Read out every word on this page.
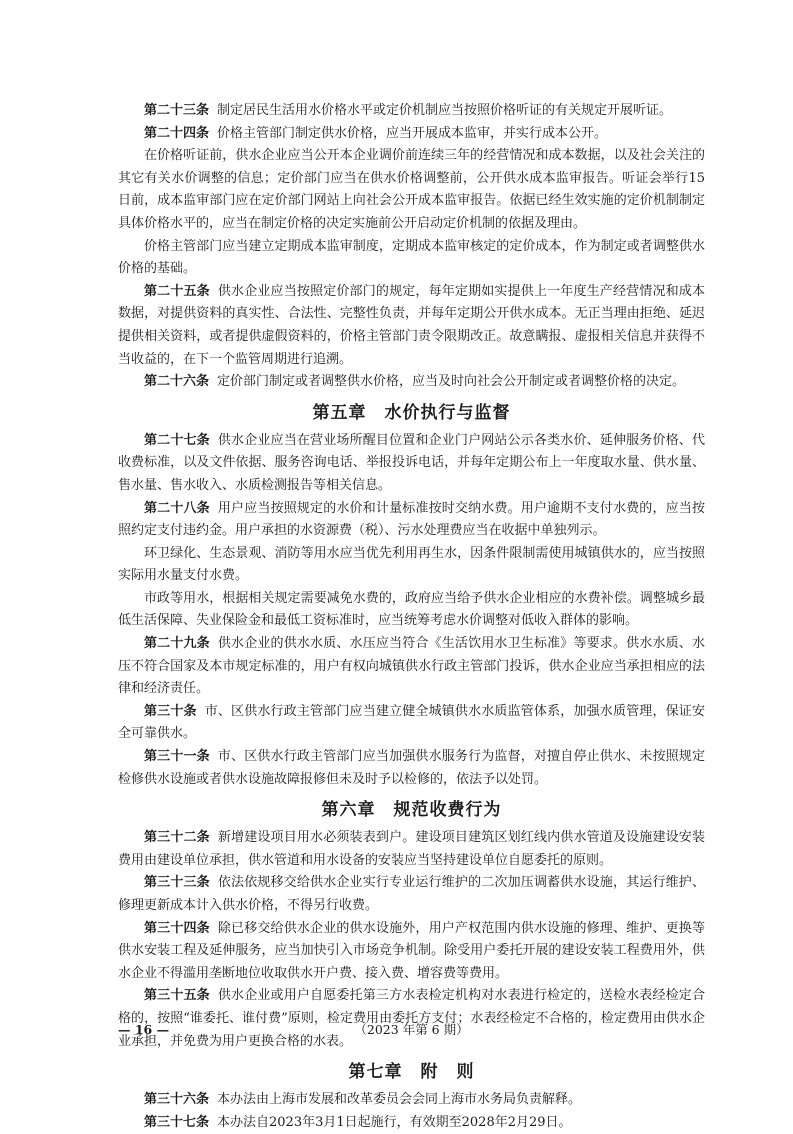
第二十三条 制定居民生活用水价格水平或定价机制应当按照价格听证的有关规定开展听证。

第二十四条 价格主管部门制定供水价格，应当开展成本监审，并实行成本公开。

在价格听证前，供水企业应当公开本企业调价前连续三年的经营情况和成本数据，以及社会关注的其它有关水价调整的信息；定价部门应当在供水价格调整前，公开供水成本监审报告。听证会举行15日前，成本监审部门应在定价部门网站上向社会公开成本监审报告。依据已经生效实施的定价机制制定具体价格水平的，应当在制定价格的决定实施前公开启动定价机制的依据及理由。

价格主管部门应当建立定期成本监审制度，定期成本监审核定的定价成本，作为制定或者调整供水价格的基础。

第二十五条 供水企业应当按照定价部门的规定，每年定期如实提供上一年度生产经营情况和成本数据，对提供资料的真实性、合法性、完整性负责，并每年定期公开供水成本。无正当理由拒绝、延迟提供相关资料，或者提供虚假资料的，价格主管部门责令限期改正。故意瞒报、虚报相关信息并获得不当收益的，在下一个监管周期进行追溯。

第二十六条 定价部门制定或者调整供水价格，应当及时向社会公开制定或者调整价格的决定。

第五章　水价执行与监督

第二十七条 供水企业应当在营业场所醒目位置和企业门户网站公示各类水价、延伸服务价格、代收费标准，以及文件依据、服务咨询电话、举报投诉电话，并每年定期公布上一年度取水量、供水量、售水量、售水收入、水质检测报告等相关信息。

第二十八条 用户应当按照规定的水价和计量标准按时交纳水费。用户逾期不支付水费的，应当按照约定支付违约金。用户承担的水资源费（税）、污水处理费应当在收据中单独列示。

环卫绿化、生态景观、消防等用水应当优先利用再生水，因条件限制需使用城镇供水的，应当按照实际用水量支付水费。

市政等用水，根据相关规定需要减免水费的，政府应当给予供水企业相应的水费补偿。调整城乡最低生活保障、失业保险金和最低工资标准时，应当统筹考虑水价调整对低收入群体的影响。

第二十九条 供水企业的供水水质、水压应当符合《生活饮用水卫生标准》等要求。供水水质、水压不符合国家及本市规定标准的，用户有权向城镇供水行政主管部门投诉，供水企业应当承担相应的法律和经济责任。

第三十条 市、区供水行政主管部门应当建立健全城镇供水水质监管体系，加强水质管理，保证安全可靠供水。

第三十一条 市、区供水行政主管部门应当加强供水服务行为监督，对擅自停止供水、未按照规定检修供水设施或者供水设施故障报修但未及时予以检修的，依法予以处罚。

第六章　规范收费行为

第三十二条 新增建设项目用水必须装表到户。建设项目建筑区划红线内供水管道及设施建设安装费用由建设单位承担，供水管道和用水设备的安装应当坚持建设单位自愿委托的原则。

第三十三条 依法依规移交给供水企业实行专业运行维护的二次加压调蓄供水设施，其运行维护、修理更新成本计入供水价格，不得另行收费。

第三十四条 除已移交给供水企业的供水设施外，用户产权范围内供水设施的修理、维护、更换等供水安装工程及延伸服务，应当加快引入市场竞争机制。除受用户委托开展的建设安装工程费用外，供水企业不得滥用垄断地位收取供水开户费、接入费、增容费等费用。

第三十五条 供水企业或用户自愿委托第三方水表检定机构对水表进行检定的，送检水表经检定合格的，按照“谁委托、谁付费”原则，检定费用由委托方支付；水表经检定不合格的，检定费用由供水企业承担，并免费为用户更换合格的水表。

第七章　附　则

第三十六条 本办法由上海市发展和改革委员会会同上海市水务局负责解释。

第三十七条 本办法自2023年3月1日起施行，有效期至2028年2月29日。

— 16 —	（2023 年第 6 期）
